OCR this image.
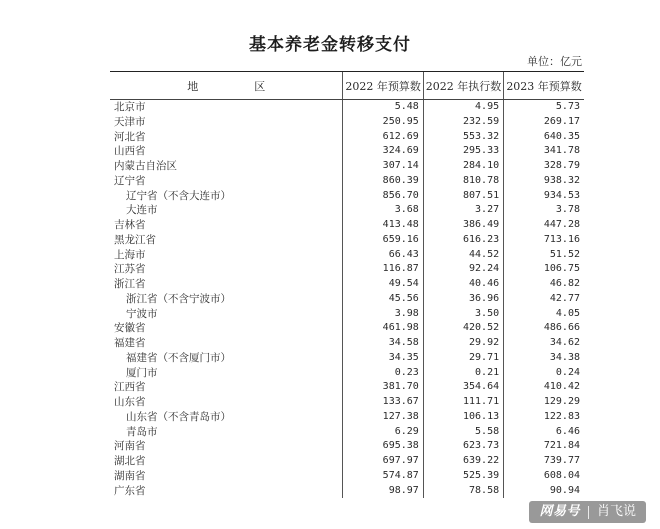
基本养老金转移支付
单位：亿元
地 区	2022 年预算数	2022 年执行数	2023 年预算数
北京市	5.48	4.95	5.73
天津市	250.95	232.59	269.17
河北省	612.69	553.32	640.35
山西省	324.69	295.33	341.78
内蒙古自治区	307.14	284.10	328.79
辽宁省	860.39	810.78	938.32
辽宁省（不含大连市）	856.70	807.51	934.53
大连市	3.68	3.27	3.78
吉林省	413.48	386.49	447.28
黑龙江省	659.16	616.23	713.16
上海市	66.43	44.52	51.52
江苏省	116.87	92.24	106.75
浙江省	49.54	40.46	46.82
浙江省（不含宁波市）	45.56	36.96	42.77
宁波市	3.98	3.50	4.05
安徽省	461.98	420.52	486.66
福建省	34.58	29.92	34.62
福建省（不含厦门市）	34.35	29.71	34.38
厦门市	0.23	0.21	0.24
江西省	381.70	354.64	410.42
山东省	133.67	111.71	129.29
山东省（不含青岛市）	127.38	106.13	122.83
青岛市	6.29	5.58	6.46
河南省	695.38	623.73	721.84
湖北省	697.97	639.22	739.77
湖南省	574.87	525.39	608.04
广东省	98.97	78.58	90.94
网易号 肖飞说
